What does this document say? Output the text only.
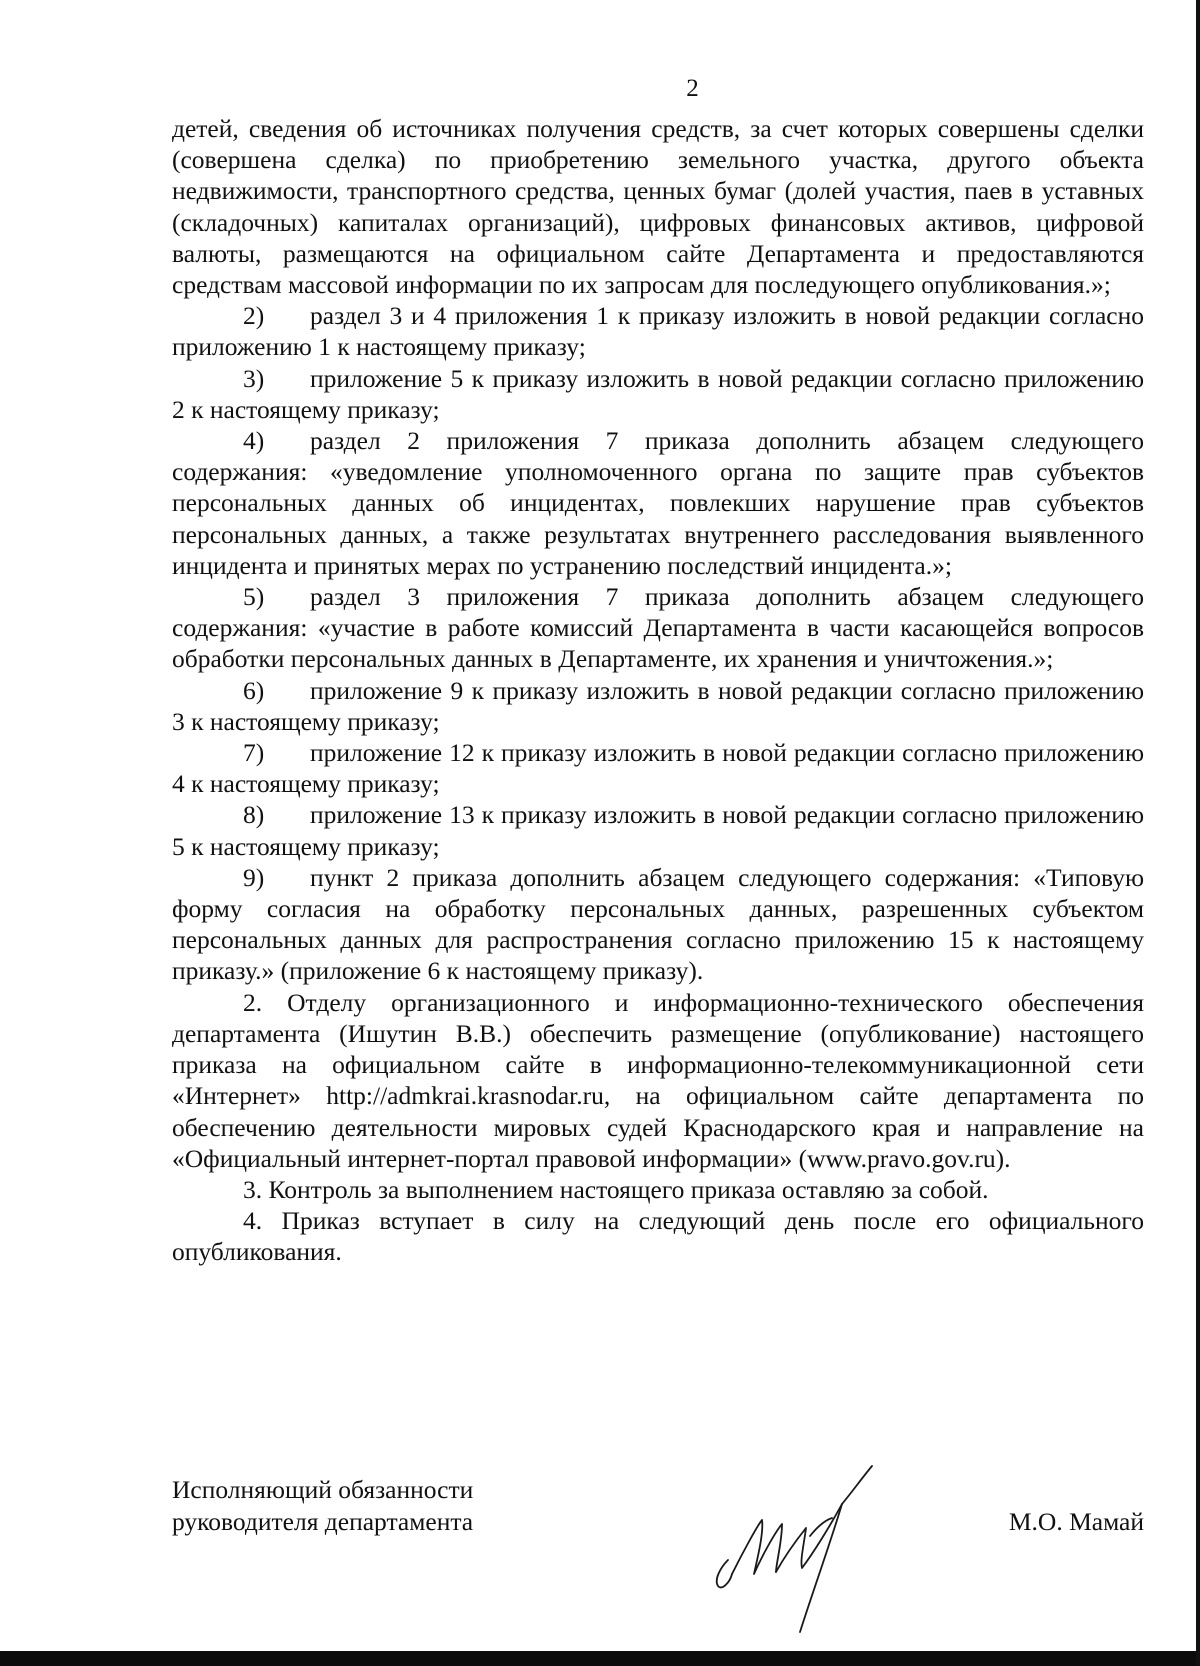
2

детей, сведения об источниках получения средств, за счет которых совершены сделки (совершена сделка) по приобретению земельного участка, другого объекта недвижимости, транспортного средства, ценных бумаг (долей участия, паев в уставных (складочных) капиталах организаций), цифровых финансовых активов, цифровой валюты, размещаются на официальном сайте Департамента и предоставляются средствам массовой информации по их запросам для последующего опубликования.»;

2) раздел 3 и 4 приложения 1 к приказу изложить в новой редакции согласно приложению 1 к настоящему приказу;

3) приложение 5 к приказу изложить в новой редакции согласно приложению 2 к настоящему приказу;

4) раздел 2 приложения 7 приказа дополнить абзацем следующего содержания: «уведомление уполномоченного органа по защите прав субъектов персональных данных об инцидентах, повлекших нарушение прав субъектов персональных данных, а также результатах внутреннего расследования выявленного инцидента и принятых мерах по устранению последствий инцидента.»;

5) раздел 3 приложения 7 приказа дополнить абзацем следующего содержания: «участие в работе комиссий Департамента в части касающейся вопросов обработки персональных данных в Департаменте, их хранения и уничтожения.»;

6) приложение 9 к приказу изложить в новой редакции согласно приложению 3 к настоящему приказу;

7) приложение 12 к приказу изложить в новой редакции согласно приложению 4 к настоящему приказу;

8) приложение 13 к приказу изложить в новой редакции согласно приложению 5 к настоящему приказу;

9) пункт 2 приказа дополнить абзацем следующего содержания: «Типовую форму согласия на обработку персональных данных, разрешенных субъектом персональных данных для распространения согласно приложению 15 к настоящему приказу.» (приложение 6 к настоящему приказу).

2. Отделу организационного и информационно-технического обеспечения департамента (Ишутин В.В.) обеспечить размещение (опубликование) настоящего приказа на официальном сайте в информационно-телекоммуникационной сети «Интернет» http://admkrai.krasnodar.ru, на официальном сайте департамента по обеспечению деятельности мировых судей Краснодарского края и направление на «Официальный интернет-портал правовой информации» (www.pravo.gov.ru).

3. Контроль за выполнением настоящего приказа оставляю за собой.

4. Приказ вступает в силу на следующий день после его официального опубликования.

Исполняющий обязанности
руководителя департамента	М.О. Мамай
